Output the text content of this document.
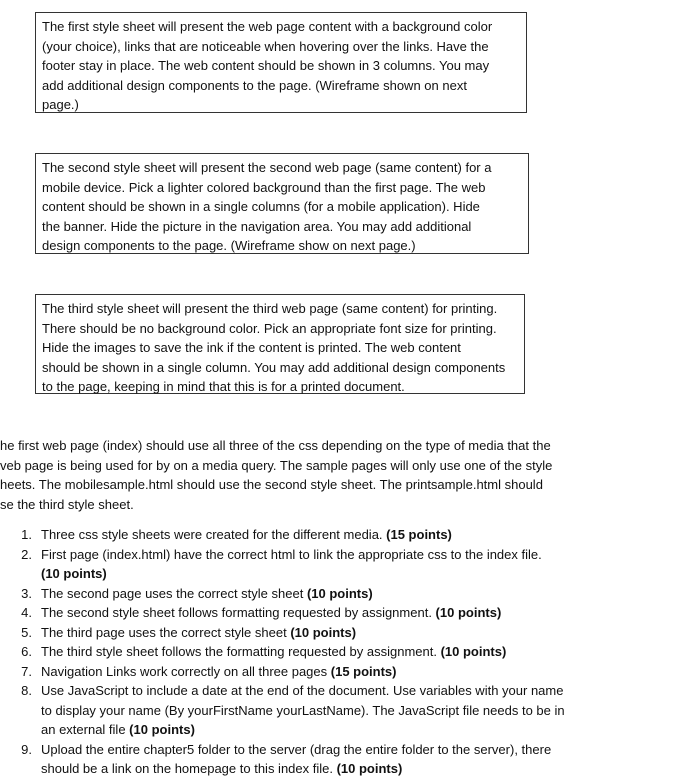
The first style sheet will present the web page content with a background color
(your choice), links that are noticeable when hovering over the links. Have the
footer stay in place. The web content should be shown in 3 columns. You may
add additional design components to the page. (Wireframe shown on next
page.)
The second style sheet will present the second web page (same content) for a
mobile device. Pick a lighter colored background than the first page. The web
content should be shown in a single columns (for a mobile application). Hide
the banner. Hide the picture in the navigation area. You may add additional
design components to the page. (Wireframe show on next page.)
The third style sheet will present the third web page (same content) for printing.
There should be no background color. Pick an appropriate font size for printing.
Hide the images to save the ink if the content is printed. The web content
should be shown in a single column. You may add additional design components
to the page, keeping in mind that this is for a printed document.
he first web page (index) should use all three of the css depending on the type of media that the
veb page is being used for by on a media query. The sample pages will only use one of the style
heets. The mobilesample.html should use the second style sheet. The printsample.html should
se the third style sheet.
1. Three css style sheets were created for the different media. (15 points)
2. First page (index.html) have the correct html to link the appropriate css to the index file.
(10 points)
3. The second page uses the correct style sheet (10 points)
4. The second style sheet follows formatting requested by assignment. (10 points)
5. The third page uses the correct style sheet (10 points)
6. The third style sheet follows the formatting requested by assignment. (10 points)
7. Navigation Links work correctly on all three pages (15 points)
8. Use JavaScript to include a date at the end of the document. Use variables with your name to display your name (By yourFirstName yourLastName). The JavaScript file needs to be in an external file (10 points)
9. Upload the entire chapter5 folder to the server (drag the entire folder to the server), there should be a link on the homepage to this index file. (10 points)
